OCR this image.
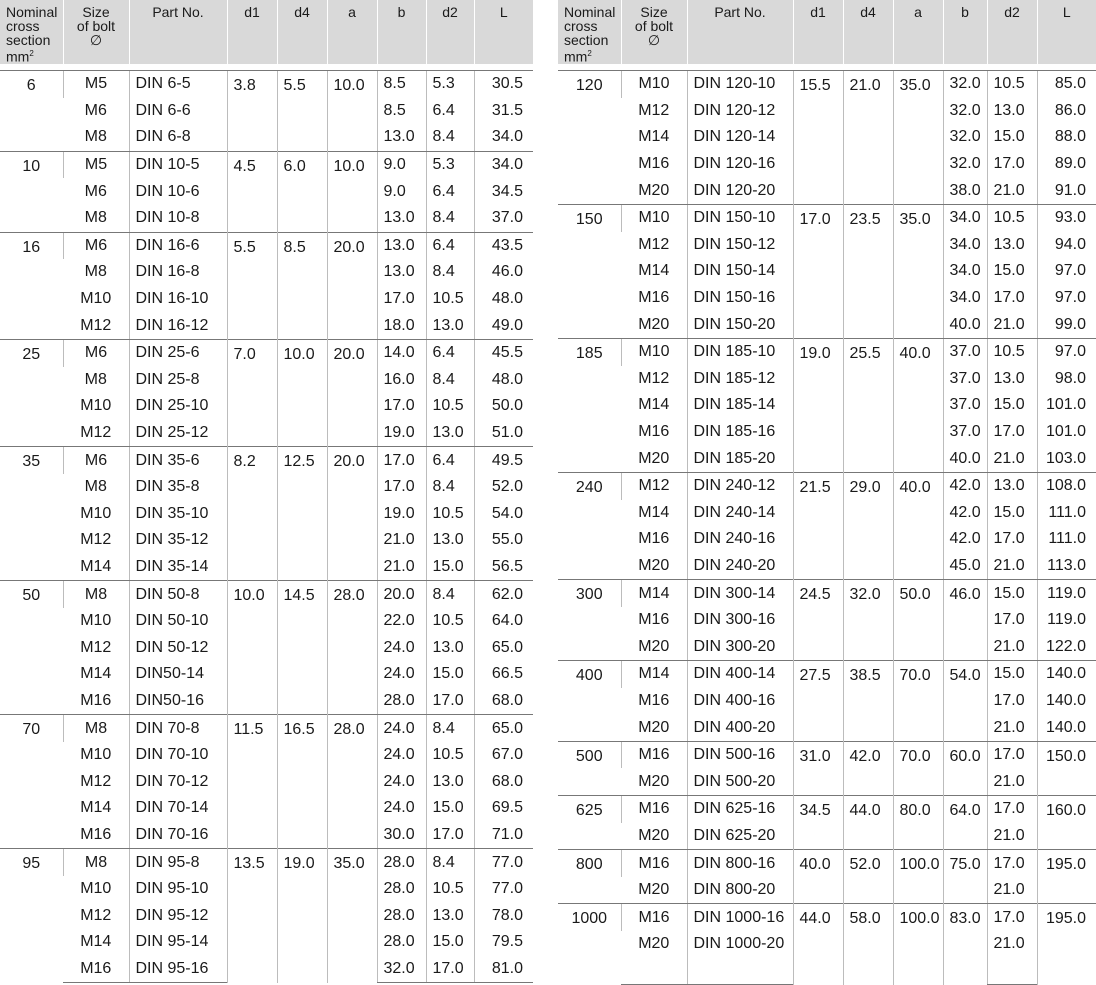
Nominal
cross
section
$mm^2$	Size
of bolt
∅	Part No.	d1	d4	a	b	d2	L

6	M5	DIN 6-5	3.8	5.5	10.0	8.5	5.3	30.5
	M6	DIN 6-6				8.5	6.4	31.5
	M8	DIN 6-8				13.0	8.4	34.0
10	M5	DIN 10-5	4.5	6.0	10.0	9.0	5.3	34.0
	M6	DIN 10-6				9.0	6.4	34.5
	M8	DIN 10-8				13.0	8.4	37.0
16	M6	DIN 16-6	5.5	8.5	20.0	13.0	6.4	43.5
	M8	DIN 16-8				13.0	8.4	46.0
	M10	DIN 16-10				17.0	10.5	48.0
	M12	DIN 16-12				18.0	13.0	49.0
25	M6	DIN 25-6	7.0	10.0	20.0	14.0	6.4	45.5
	M8	DIN 25-8				16.0	8.4	48.0
	M10	DIN 25-10				17.0	10.5	50.0
	M12	DIN 25-12				19.0	13.0	51.0
35	M6	DIN 35-6	8.2	12.5	20.0	17.0	6.4	49.5
	M8	DIN 35-8				17.0	8.4	52.0
	M10	DIN 35-10				19.0	10.5	54.0
	M12	DIN 35-12				21.0	13.0	55.0
	M14	DIN 35-14				21.0	15.0	56.5
50	M8	DIN 50-8	10.0	14.5	28.0	20.0	8.4	62.0
	M10	DIN 50-10				22.0	10.5	64.0
	M12	DIN 50-12				24.0	13.0	65.0
	M14	DIN50-14				24.0	15.0	66.5
	M16	DIN50-16				28.0	17.0	68.0
70	M8	DIN 70-8	11.5	16.5	28.0	24.0	8.4	65.0
	M10	DIN 70-10				24.0	10.5	67.0
	M12	DIN 70-12				24.0	13.0	68.0
	M14	DIN 70-14				24.0	15.0	69.5
	M16	DIN 70-16				30.0	17.0	71.0
95	M8	DIN 95-8	13.5	19.0	35.0	28.0	8.4	77.0
	M10	DIN 95-10				28.0	10.5	77.0
	M12	DIN 95-12				28.0	13.0	78.0
	M14	DIN 95-14				28.0	15.0	79.5
	M16	DIN 95-16				32.0	17.0	81.0
Nominal
cross
section
$mm^2$	Size
of bolt
∅	Part No.	d1	d4	a	b	d2	L

120	M10	DIN 120-10	15.5	21.0	35.0	32.0	10.5	85.0
	M12	DIN 120-12				32.0	13.0	86.0
	M14	DIN 120-14				32.0	15.0	88.0
	M16	DIN 120-16				32.0	17.0	89.0
	M20	DIN 120-20				38.0	21.0	91.0
150	M10	DIN 150-10	17.0	23.5	35.0	34.0	10.5	93.0
	M12	DIN 150-12				34.0	13.0	94.0
	M14	DIN 150-14				34.0	15.0	97.0
	M16	DIN 150-16				34.0	17.0	97.0
	M20	DIN 150-20				40.0	21.0	99.0
185	M10	DIN 185-10	19.0	25.5	40.0	37.0	10.5	97.0
	M12	DIN 185-12				37.0	13.0	98.0
	M14	DIN 185-14				37.0	15.0	101.0
	M16	DIN 185-16				37.0	17.0	101.0
	M20	DIN 185-20				40.0	21.0	103.0
240	M12	DIN 240-12	21.5	29.0	40.0	42.0	13.0	108.0
	M14	DIN 240-14				42.0	15.0	111.0
	M16	DIN 240-16				42.0	17.0	111.0
	M20	DIN 240-20				45.0	21.0	113.0
300	M14	DIN 300-14	24.5	32.0	50.0	46.0	15.0	119.0
	M16	DIN 300-16					17.0	119.0
	M20	DIN 300-20					21.0	122.0
400	M14	DIN 400-14	27.5	38.5	70.0	54.0	15.0	140.0
	M16	DIN 400-16					17.0	140.0
	M20	DIN 400-20					21.0	140.0
500	M16	DIN 500-16	31.0	42.0	70.0	60.0	17.0	150.0
	M20	DIN 500-20					21.0	
625	M16	DIN 625-16	34.5	44.0	80.0	64.0	17.0	160.0
	M20	DIN 625-20					21.0	
800	M16	DIN 800-16	40.0	52.0	100.0	75.0	17.0	195.0
	M20	DIN 800-20					21.0	
1000	M16	DIN 1000-16	44.0	58.0	100.0	83.0	17.0	195.0
	M20	DIN 1000-20					21.0	
